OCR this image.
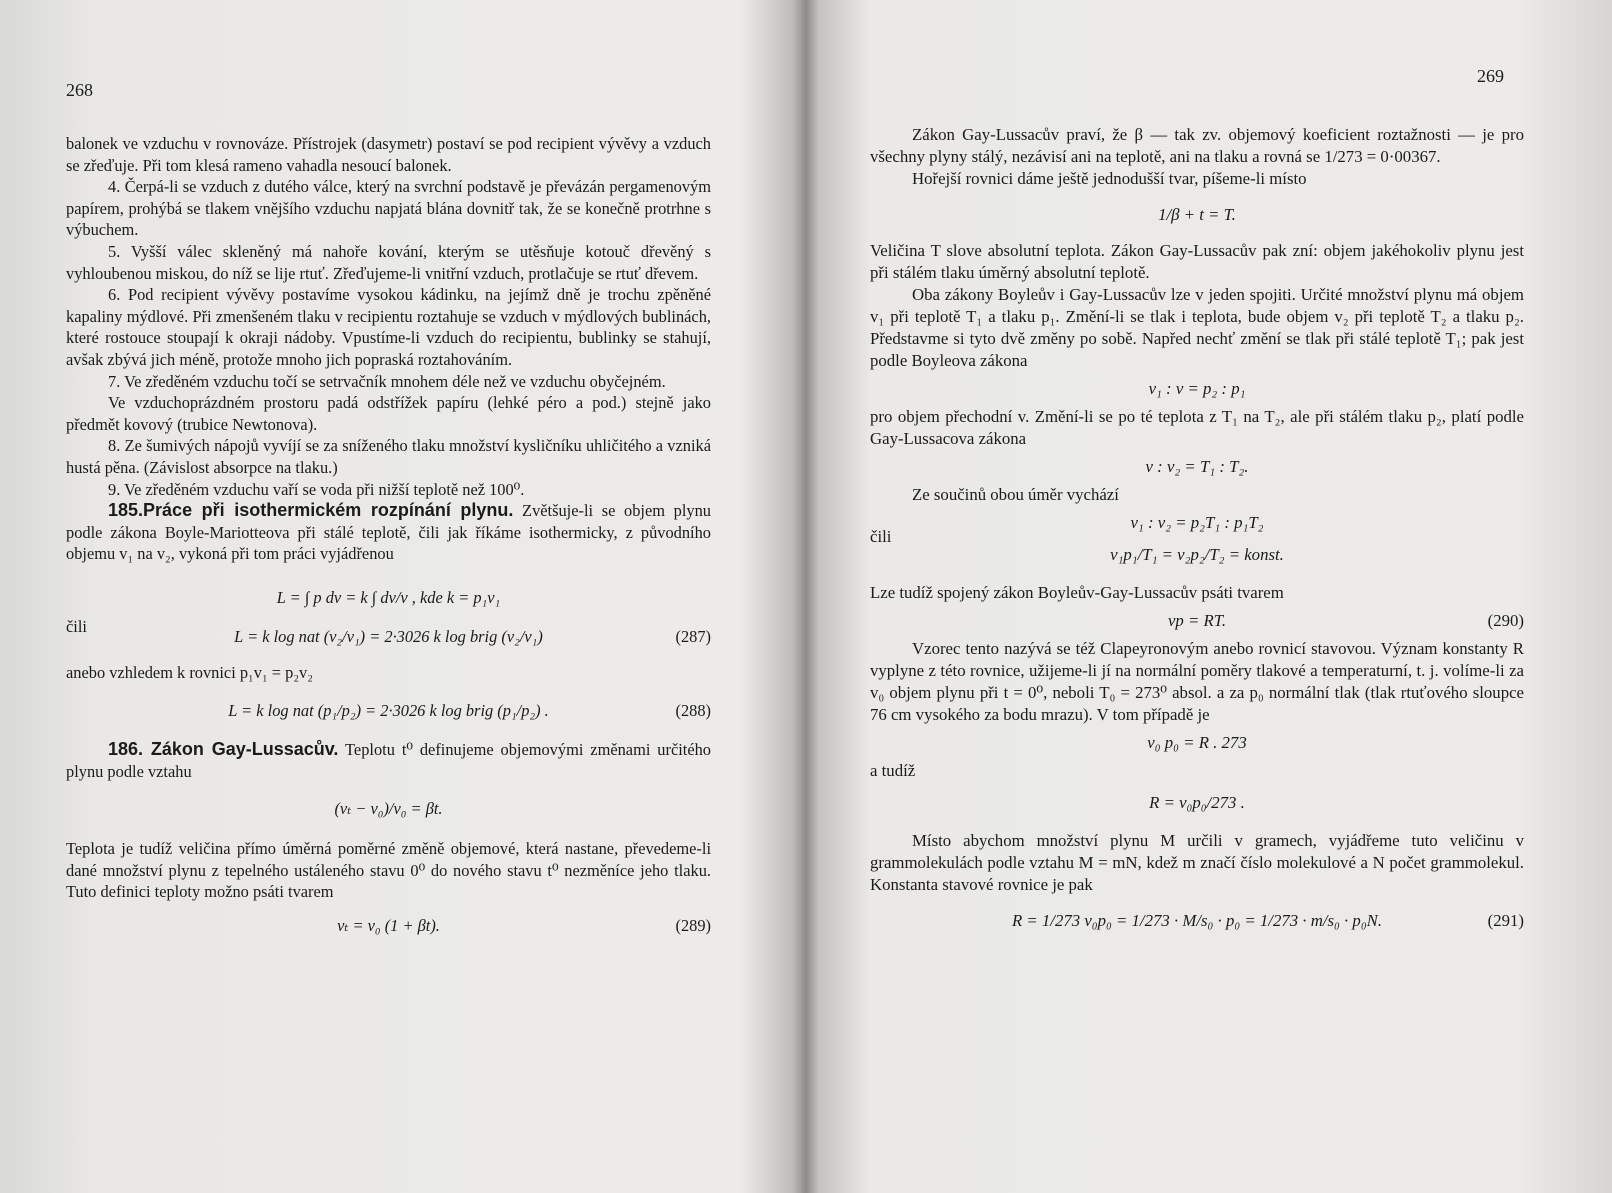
268

balonek ve vzduchu v rovnováze. Přístrojek (dasymetr) postaví se pod recipient vývěvy a vzduch se zřeďuje. Při tom klesá rameno vahadla nesoucí balonek.

4. Čerpá-li se vzduch z dutého válce, který na svrchní podstavě je převázán pergamenovým papírem, prohýbá se tlakem vnějšího vzduchu napjatá blána dovnitř tak, že se konečně protrhne s výbuchem.

5. Vyšší válec skleněný má nahoře kování, kterým se utěsňuje kotouč dřevěný s vyhloubenou miskou, do níž se lije rtuť. Zřeďujeme-li vnitřní vzduch, protlačuje se rtuť dřevem.

6. Pod recipient vývěvy postavíme vysokou kádinku, na jejímž dně je trochu zpěněné kapaliny mýdlové. Při zmenšeném tlaku v recipientu roztahuje se vzduch v mýdlových bublinách, které rostouce stoupají k okraji nádoby. Vpustíme-li vzduch do recipientu, bublinky se stahují, avšak zbývá jich méně, protože mnoho jich popraská roztahováním.

7. Ve zředěném vzduchu točí se setrvačník mnohem déle než ve vzduchu obyčejném.

Ve vzduchoprázdném prostoru padá odstřížek papíru (lehké péro a pod.) stejně jako předmět kovový (trubice Newtonova).

8. Ze šumivých nápojů vyvíjí se za sníženého tlaku množství kysličníku uhličitého a vzniká hustá pěna. (Závislost absorpce na tlaku.)

9. Ve zředěném vzduchu vaří se voda při nižší teplotě než 100⁰.

185.Práce při isothermickém rozpínání plynu. Zvětšuje-li se objem plynu podle zákona Boyle-Mariotteova při stálé teplotě, čili jak říkáme isothermicky, z původního objemu v₁ na v₂, vykoná při tom práci vyjádřenou

L = ∫ p dv = k ∫ dv/v , kde k = p₁v₁
čili
L = k log nat (v₂/v₁) = 2·3026 k log brig (v₂/v₁)	(287)

anebo vzhledem k rovnici p₁v₁ = p₂v₂

L = k log nat (p₁/p₂) = 2·3026 k log brig (p₁/p₂) .	(288)

186. Zákon Gay-Lussacův. Teplotu t⁰ definujeme objemovými změnami určitého plynu podle vztahu

(vₜ − v₀)/v₀ = βt.

Teplota je tudíž veličina přímo úměrná poměrné změně objemové, která nastane, převedeme-li dané množství plynu z tepelného ustáleného stavu 0⁰ do nového stavu t⁰ nezměníce jeho tlaku. Tuto definici teploty možno psáti tvarem

vₜ = v₀ (1 + βt).	(289)
269

Zákon Gay-Lussacův praví, že β — tak zv. objemový koeficient roztažnosti — je pro všechny plyny stálý, nezávisí ani na teplotě, ani na tlaku a rovná se 1/273 = 0·00367.

Hořejší rovnici dáme ještě jednodušší tvar, píšeme-li místo

1/β + t = T.

Veličina T slove absolutní teplota. Zákon Gay-Lussacův pak zní: objem jakéhokoliv plynu jest při stálém tlaku úměrný absolutní teplotě.

Oba zákony Boyleův i Gay-Lussacův lze v jeden spojiti. Určité množství plynu má objem v₁ při teplotě T₁ a tlaku p₁. Změní-li se tlak i teplota, bude objem v₂ při teplotě T₂ a tlaku p₂. Představme si tyto dvě změny po sobě. Napřed nechť změní se tlak při stálé teplotě T₁; pak jest podle Boyleova zákona

v₁ : v = p₂ : p₁

pro objem přechodní v. Změní-li se po té teplota z T₁ na T₂, ale při stálém tlaku p₂, platí podle Gay-Lussacova zákona

v : v₂ = T₁ : T₂.

Ze součinů obou úměr vychází

v₁ : v₂ = p₂T₁ : p₁T₂
čili
v₁p₁/T₁ = v₂p₂/T₂ = konst.

Lze tudíž spojený zákon Boyleův-Gay-Lussacův psáti tvarem

vp = RT.	(290)

Vzorec tento nazývá se též Clapeyronovým anebo rovnicí stavovou. Význam konstanty R vyplyne z této rovnice, užijeme-li jí na normální poměry tlakové a temperaturní, t. j. volíme-li za v₀ objem plynu při t = 0⁰, neboli T₀ = 273⁰ absol. a za p₀ normální tlak (tlak rtuťového sloupce 76 cm vysokého za bodu mrazu). V tom případě je

v₀ p₀ = R . 273

a tudíž

R = v₀p₀/273 .

Místo abychom množství plynu M určili v gramech, vyjádřeme tuto veličinu v grammolekulách podle vztahu M = mN, kdež m značí číslo molekulové a N počet grammolekul. Konstanta stavové rovnice je pak

R = 1/273 v₀p₀ = 1/273 · M/s₀ · p₀ = 1/273 · m/s₀ · p₀N.	(291)
